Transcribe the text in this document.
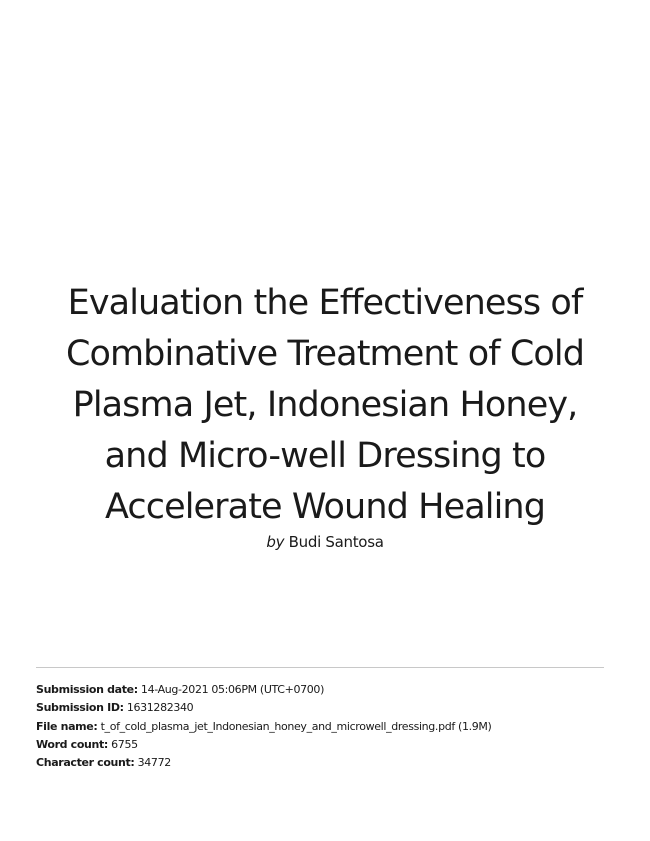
Evaluation the Effectiveness of
Combinative Treatment of Cold
Plasma Jet, Indonesian Honey,
and Micro-well Dressing to
Accelerate Wound Healing
by Budi Santosa
Submission date: 14-Aug-2021 05:06PM (UTC+0700)
Submission ID: 1631282340
File name: t_of_cold_plasma_jet_Indonesian_honey_and_microwell_dressing.pdf (1.9M)
Word count: 6755
Character count: 34772
